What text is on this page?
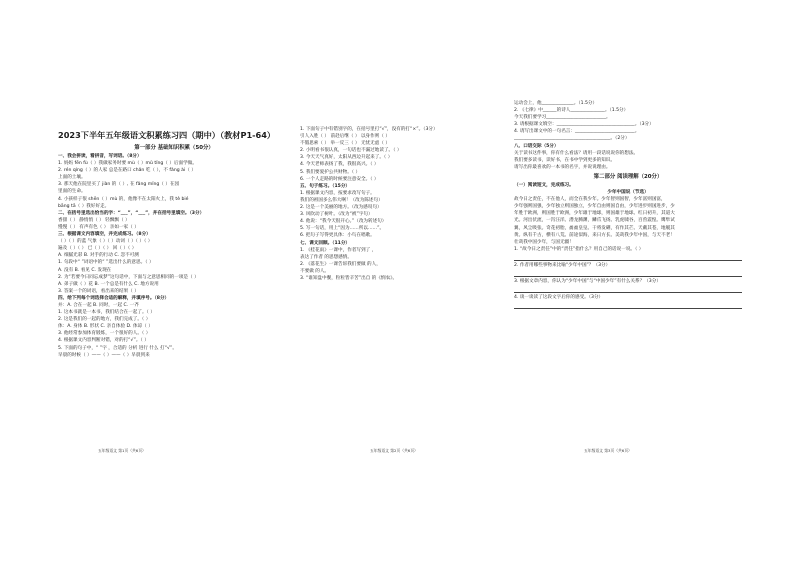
2023下半年五年级语文积累练习四（期中）（教材P1-64）
第一部分 基础知识积累（50分）
一、我会拼读，看拼音，写词语。（8分）
1. 妈妈 fēn fù（ ）我做家务时要 mù（ ）mǔ tǐng（ ）后面学做。
2. rén qíng（ ）的人家 总是在路口 chǎn 吃（ ），不 fǎng ài（ ）
上面的土壤。
3. 那天他在院里买了 jiàn 的（ ）, 在 fǎng mǐng（ ）在园
里面的生命。
4. 小孩样子很 shēn（ ）mù 的，他像不在太阳火上，我 tè bié
bāng tā（ ）我好好走。
二、在括号里选出恰当的字：“___”，“___”，并在括号里填空。（3分）
香甜（ ） 静悄悄（ ） 轻飘飘（ ）
慢慢（ ） 有声有色（ ） 亲如一家（ ）
三、根据课文内容填空，并完成练习。（8分）
（ ）（ ）的蓝 气象（ ）（ ）动词（ ）（ ）（ ）
遍及（ ）（ ） 已（ ）（ ） 回（ ）（ ）
A. 细腻光彩 B. 对手的行动 C. 忽不可测
1. 句段中“ ”词语中的“ ”选出什么的意思。（ ）
A. 没有 B. 看见 C. 发现在
2. 为“若要今日同忘成梦”这句话中，下面与之意思相同的一项是（ ）
A. 弟子做（ ）花 B. 一个总是有什么 C. 地方说用
3. 答案一个的词语，看出来的结果（ ）
四、给下列每个词选择合适的解释，并填序号。（8分）
并：A. 合在一起 B. 同时，一起 C. 一齐
1. 这本书就是一本书，我们结合在一起了。（ ）
2. 这是我们的一起的地方，我们完成了。（ ）
体：A. 身体 B. 形状 C. 亲自体验 D. 体谅（ ）
3. 他经常参加体育锻炼，一个很好的人。（ ）
4. 根据课文内容判断对错，对的打“√”。（ ）
5. 下面的句子中，“ ”字 ，合适的 分析 进行 什么 打“√”。
早晨的时候（ ）——（ ）——（ ）早晨到来
五年级语文 第1页（共6页）
1. 下面句子中有错别字的，在括号里打“√”，没有的打“×”。（3分）
引人入胜（ ） 前赴后继（ ） 以身作则（ ）
不假思索（ ） 举一反三（ ） 无忧无虑（ ）
2. 小明看书很认真，一句话也不漏过地读了。（ ）
3. 今天天气真好，太阳从西边升起来了。（ ）
4. 今天老师表扬了我，我很高兴。（ ）
5. 我们要爱护公共财物。（ ）
6. 一个人走路的时候要注意安全。（ ）
五、句子练习。（15分）
1. 根据课文内容，按要求改写句子。
我们的祖国多么伟大啊！（改为陈述句）
2. 这是一个美丽的地方。（改为感叹句）
3. 风吹动了树叶。（改为“被”字句）
4. 他说：“我今天很开心。”（改为转述句）
5. 写一句话，用上“因为……所以……”。
6. 把句子写得更具体：小鸟在唱歌。
七、课文回顾。（11分）
1. 《桂花雨》一课中，作者写到了 ，
表达了作者 的思想感情。
2. 《落花生》一课告诉我们要做 的人，
不要做 的人。
3. “谁知盘中餐，粒粒皆辛苦”出自 的《悯农》。
五年级语文 第2页（共6页）
运动会上，他______________。（1.5分）
2. 《七律》中______的诗人_______________。（1.5分）
今天我们要学习__________________________。
3. 请根据课文填空：__________________________________。（3分）
4. 请写出课文中的一句名言：__________________________。
__________________________________________。（2分）
八、口语交际（5分）
关于读书这件事，你有什么看法？请用一段话说说你的想法。
我们要多读书，读好书，在书中学到更多的知识。
请写出你最喜欢的一本书的名字，并说说理由。
第二部分 阅读理解（20分）
（一）阅读短文，完成练习。
少年中国说（节选）
故今日之责任，不在他人，而全在我少年。少年智则国智，少年富则国富，
少年强则国强，少年独立则国独立，少年自由则国自由，少年进步则国进步，少
年胜于欧洲，则国胜于欧洲，少年雄于地球，则国雄于地球。红日初升，其道大
光。河出伏流，一泻汪洋。潜龙腾渊，鳞爪飞扬。乳虎啸谷，百兽震惶。鹰隼试
翼，风尘吸张。奇花初胎，矞矞皇皇。干将发硎，有作其芒。天戴其苍，地履其
黄。纵有千古，横有八荒。前途似海，来日方长。美哉我少年中国，与天不老！
壮哉我中国少年，与国无疆！
1. “故今日之责任”中的“责任”指什么？用自己的话说一说。（ ）
2. 作者用哪些事物来比喻“少年中国”？（3分）
3. 根据文章内容，你认为“少年中国”与“中国少年”有什么关系？（3分）
4. 谈一谈读了这段文字后你的感受。（3分）
五年级语文 第3页（共6页）
